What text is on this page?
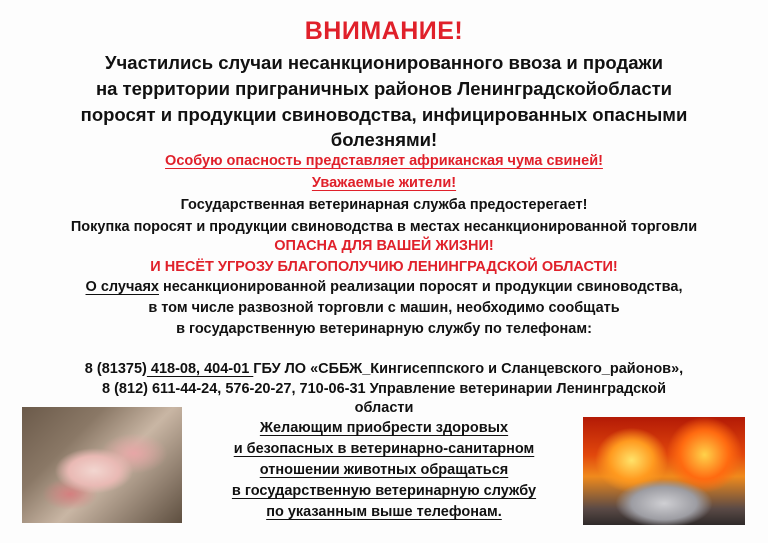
ВНИМАНИЕ!
Участились случаи несанкционированного ввоза и продажи
на территории приграничных районов Ленинградскойобласти
поросят и продукции свиноводства, инфицированных опасными
болезнями!
Особую опасность представляет африканская чума свиней!
Уважаемые жители!
Государственная ветеринарная служба предостерегает!
Покупка поросят и продукции свиноводства в местах несанкционированной торговли
ОПАСНА ДЛЯ ВАШЕЙ ЖИЗНИ!
И НЕСЁТ УГРОЗУ БЛАГОПОЛУЧИЮ ЛЕНИНГРАДСКОЙ ОБЛАСТИ!
О случаях несанкционированной реализации поросят и продукции свиноводства,
в том числе развозной торговли с машин, необходимо сообщать
в государственную ветеринарную службу по телефонам:
8 (81375) 418-08, 404-01 ГБУ ЛО «СББЖ_Кингисеппского и Сланцевского_районов»,
8 (812) 611-44-24, 576-20-27, 710-06-31 Управление ветеринарии Ленинградской
области
Желающим приобрести здоровых
и безопасных в ветеринарно-санитарном
отношении животных обращаться
в государственную ветеринарную службу
по указанным выше телефонам.
